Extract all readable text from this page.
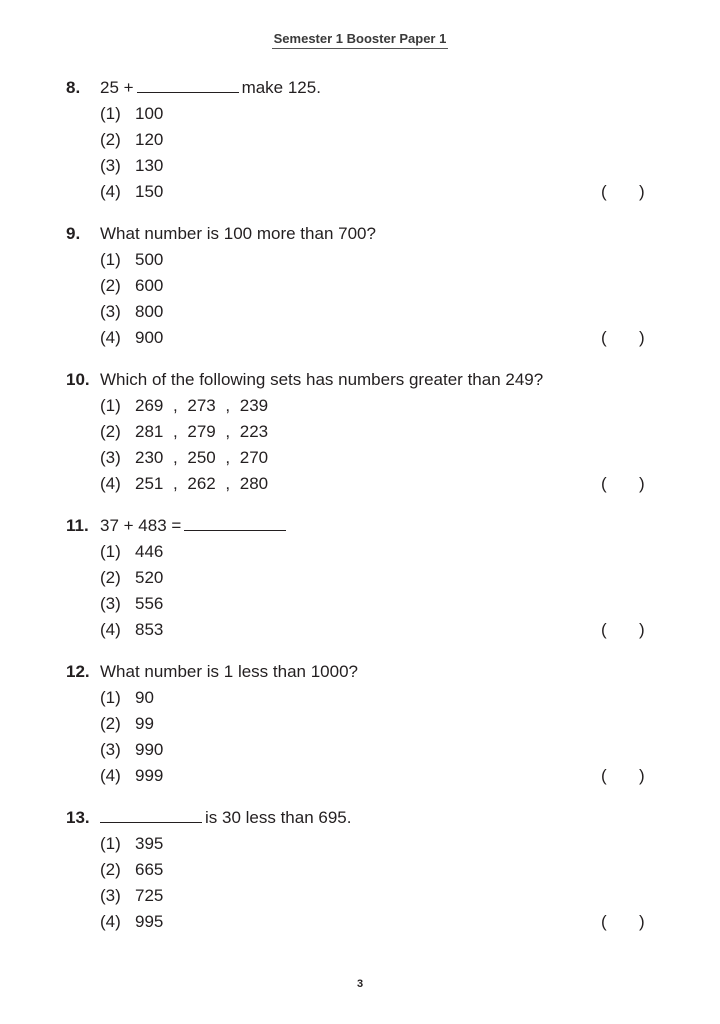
Semester 1 Booster Paper 1
8. 25 +	make 125.
(1) 100
(2) 120
(3) 130
(4) 150	( )
9. What number is 100 more than 700?
(1) 500
(2) 600
(3) 800
(4) 900	( )
10. Which of the following sets has numbers greater than 249?
(1) 269 , 273 , 239
(2) 281 , 279 , 223
(3) 230 , 250 , 270
(4) 251 , 262 , 280	( )
11. 37 + 483 =
(1) 446
(2) 520
(3) 556
(4) 853	( )
12. What number is 1 less than 1000?
(1) 90
(2) 99
(3) 990
(4) 999	( )
13.	is 30 less than 695.
(1) 395
(2) 665
(3) 725
(4) 995	( )
3
